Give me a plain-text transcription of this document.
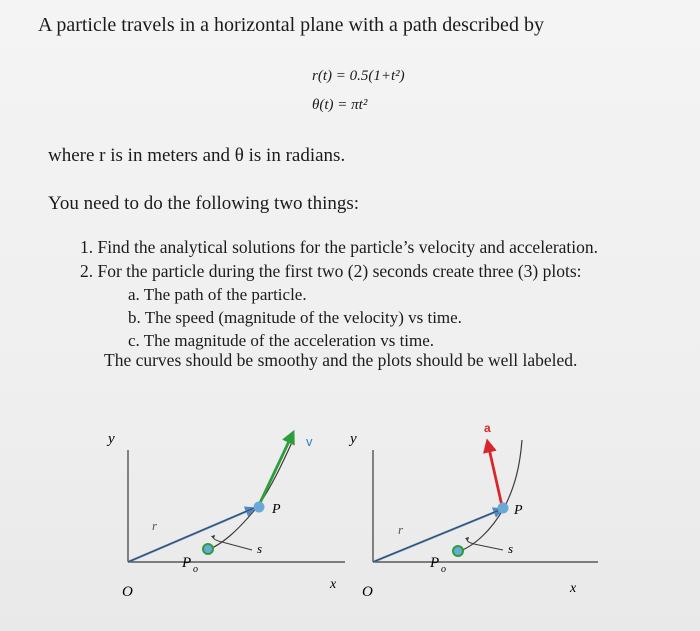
A particle travels in a horizontal plane with a path described by
r(t) = 0.5(1+t²)
θ(t) = πt²
where r is in meters and θ is in radians.
You need to do the following two things:
1. Find the analytical solutions for the particle’s velocity and acceleration.
2. For the particle during the first two (2) seconds create three (3) plots:
a. The path of the particle.
b. The speed (magnitude of the velocity) vs time.
c. The magnitude of the acceleration vs time.
The curves should be smoothy and the plots should be well labeled.
y
x
O
v
r
P o
s
P
y
x
O
a
r
P o
s
P
